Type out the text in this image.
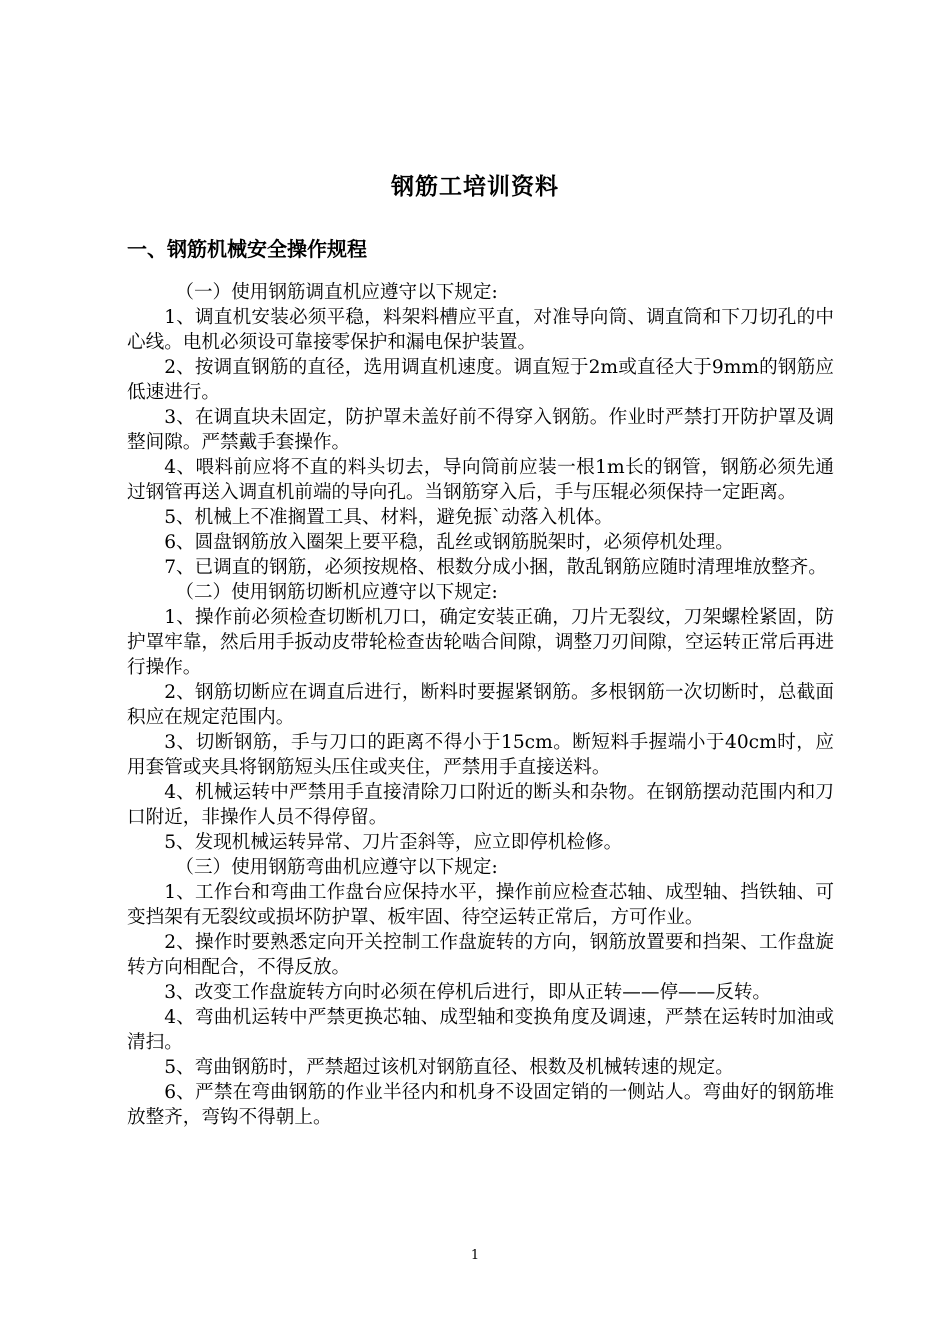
钢筋工培训资料
一、钢筋机械安全操作规程

（一）使用钢筋调直机应遵守以下规定:

1、调直机安装必须平稳，料架料槽应平直，对准导向筒、调直筒和下刀切孔的中心线。电机必须设可靠接零保护和漏电保护装置。

2、按调直钢筋的直径，选用调直机速度。调直短于2m或直径大于9mm的钢筋应低速进行。

3、在调直块未固定，防护罩未盖好前不得穿入钢筋。作业时严禁打开防护罩及调整间隙。严禁戴手套操作。

4、喂料前应将不直的料头切去，导向筒前应装一根1m长的钢管，钢筋必须先通过钢管再送入调直机前端的导向孔。当钢筋穿入后，手与压辊必须保持一定距离。

5、机械上不准搁置工具、材料，避免振`动落入机体。

6、圆盘钢筋放入圈架上要平稳，乱丝或钢筋脱架时，必须停机处理。

7、已调直的钢筋，必须按规格、根数分成小捆，散乱钢筋应随时清理堆放整齐。

（二）使用钢筋切断机应遵守以下规定:

1、操作前必须检查切断机刀口，确定安装正确，刀片无裂纹，刀架螺栓紧固，防护罩牢靠，然后用手扳动皮带轮检查齿轮啮合间隙，调整刀刃间隙，空运转正常后再进行操作。

2、钢筋切断应在调直后进行，断料时要握紧钢筋。多根钢筋一次切断时，总截面积应在规定范围内。

3、切断钢筋，手与刀口的距离不得小于15cm。断短料手握端小于40cm时，应用套管或夹具将钢筋短头压住或夹住，严禁用手直接送料。

4、机械运转中严禁用手直接清除刀口附近的断头和杂物。在钢筋摆动范围内和刀口附近，非操作人员不得停留。

5、发现机械运转异常、刀片歪斜等，应立即停机检修。

（三）使用钢筋弯曲机应遵守以下规定:

1、工作台和弯曲工作盘台应保持水平，操作前应检查芯轴、成型轴、挡铁轴、可变挡架有无裂纹或损坏防护罩、板牢固、待空运转正常后，方可作业。

2、操作时要熟悉定向开关控制工作盘旋转的方向，钢筋放置要和挡架、工作盘旋转方向相配合，不得反放。

3、改变工作盘旋转方向时必须在停机后进行，即从正转——停——反转。

4、弯曲机运转中严禁更换芯轴、成型轴和变换角度及调速，严禁在运转时加油或清扫。

5、弯曲钢筋时，严禁超过该机对钢筋直径、根数及机械转速的规定。

6、严禁在弯曲钢筋的作业半径内和机身不设固定销的一侧站人。弯曲好的钢筋堆放整齐，弯钩不得朝上。

1
